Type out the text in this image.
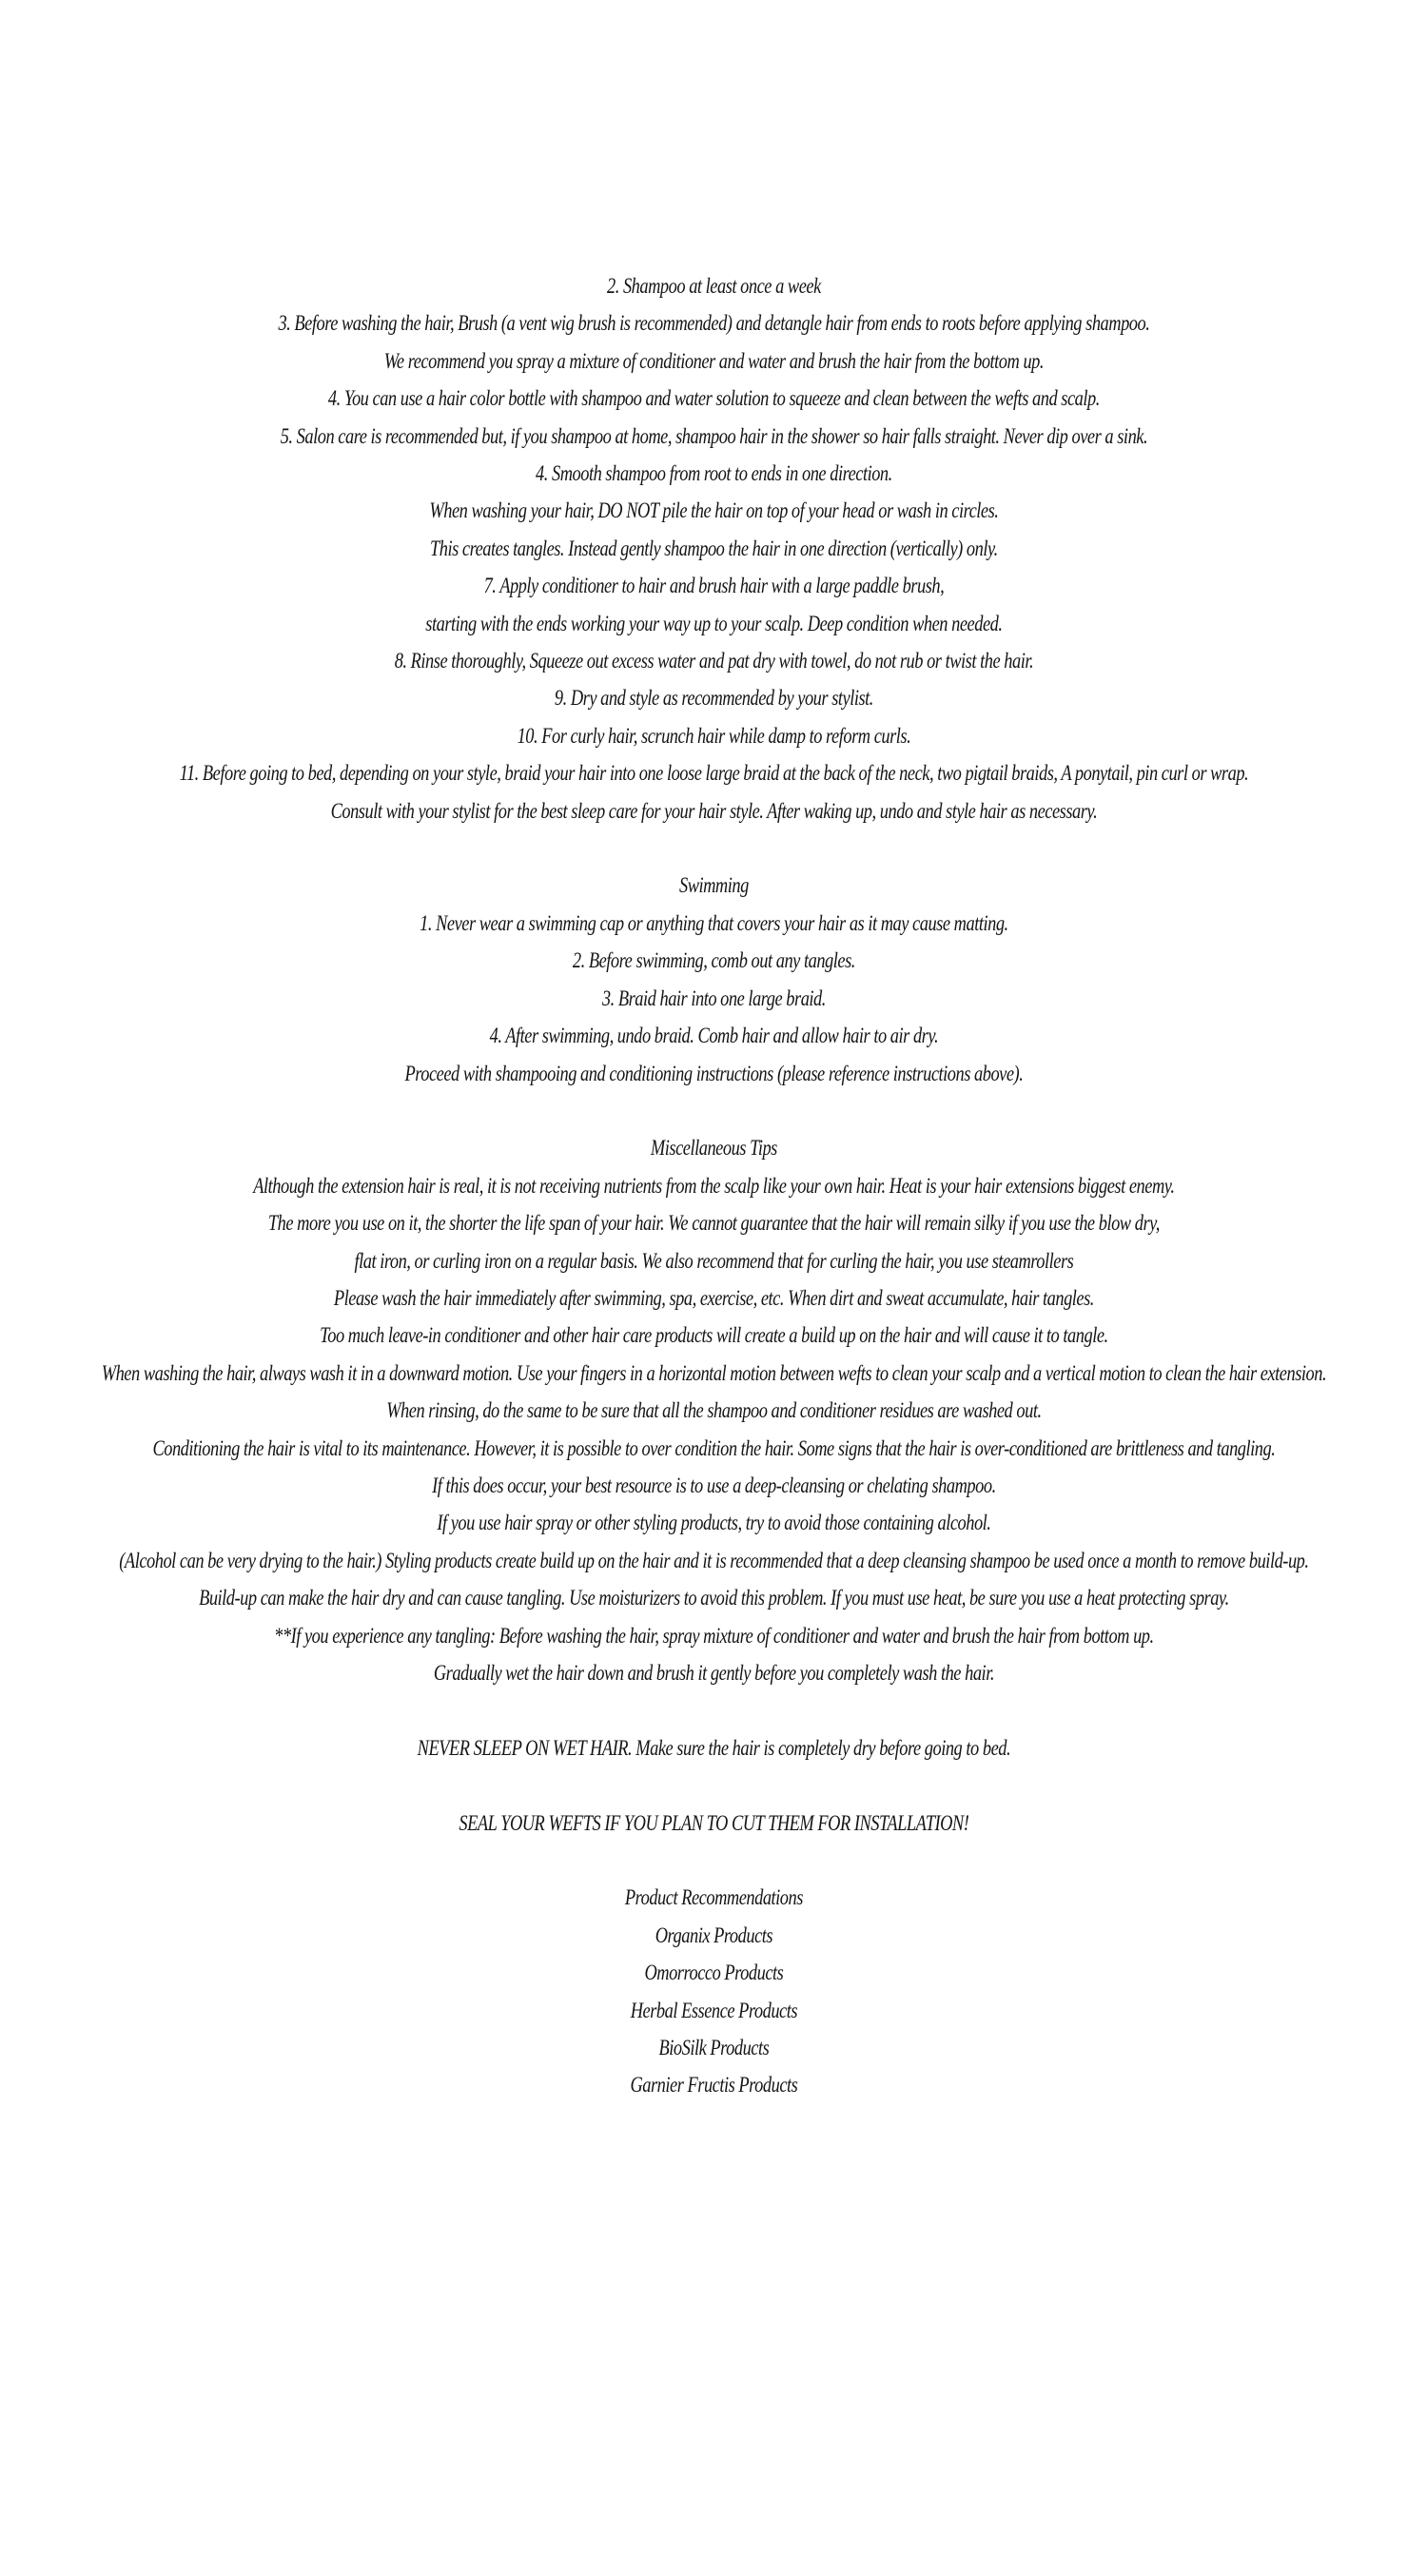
2. Shampoo at least once a week
3. Before washing the hair, Brush (a vent wig brush is recommended) and detangle hair from ends to roots before applying shampoo.
We recommend you spray a mixture of conditioner and water and brush the hair from the bottom up.
4. You can use a hair color bottle with shampoo and water solution to squeeze and clean between the wefts and scalp.
5. Salon care is recommended but, if you shampoo at home, shampoo hair in the shower so hair falls straight. Never dip over a sink.
4. Smooth shampoo from root to ends in one direction.
When washing your hair, DO NOT pile the hair on top of your head or wash in circles.
This creates tangles. Instead gently shampoo the hair in one direction (vertically) only.
7. Apply conditioner to hair and brush hair with a large paddle brush,
starting with the ends working your way up to your scalp. Deep condition when needed.
8. Rinse thoroughly, Squeeze out excess water and pat dry with towel, do not rub or twist the hair.
9. Dry and style as recommended by your stylist.
10. For curly hair, scrunch hair while damp to reform curls.
11. Before going to bed, depending on your style, braid your hair into one loose large braid at the back of the neck, two pigtail braids, A ponytail, pin curl or wrap.
Consult with your stylist for the best sleep care for your hair style. After waking up, undo and style hair as necessary.
Swimming
1. Never wear a swimming cap or anything that covers your hair as it may cause matting.
2. Before swimming, comb out any tangles.
3. Braid hair into one large braid.
4. After swimming, undo braid. Comb hair and allow hair to air dry.
Proceed with shampooing and conditioning instructions (please reference instructions above).
Miscellaneous Tips
Although the extension hair is real, it is not receiving nutrients from the scalp like your own hair. Heat is your hair extensions biggest enemy.
The more you use on it, the shorter the life span of your hair. We cannot guarantee that the hair will remain silky if you use the blow dry,
flat iron, or curling iron on a regular basis. We also recommend that for curling the hair, you use steamrollers
Please wash the hair immediately after swimming, spa, exercise, etc. When dirt and sweat accumulate, hair tangles.
Too much leave-in conditioner and other hair care products will create a build up on the hair and will cause it to tangle.
When washing the hair, always wash it in a downward motion. Use your fingers in a horizontal motion between wefts to clean your scalp and a vertical motion to clean the hair extension.
When rinsing, do the same to be sure that all the shampoo and conditioner residues are washed out.
Conditioning the hair is vital to its maintenance. However, it is possible to over condition the hair. Some signs that the hair is over-conditioned are brittleness and tangling.
If this does occur, your best resource is to use a deep-cleansing or chelating shampoo.
If you use hair spray or other styling products, try to avoid those containing alcohol.
(Alcohol can be very drying to the hair.) Styling products create build up on the hair and it is recommended that a deep cleansing shampoo be used once a month to remove build-up.
Build-up can make the hair dry and can cause tangling. Use moisturizers to avoid this problem. If you must use heat, be sure you use a heat protecting spray.
**If you experience any tangling: Before washing the hair, spray mixture of conditioner and water and brush the hair from bottom up.
Gradually wet the hair down and brush it gently before you completely wash the hair.
NEVER SLEEP ON WET HAIR. Make sure the hair is completely dry before going to bed.
SEAL YOUR WEFTS IF YOU PLAN TO CUT THEM FOR INSTALLATION!
Product Recommendations
Organix Products
Omorrocco Products
Herbal Essence Products
BioSilk Products
Garnier Fructis Products
